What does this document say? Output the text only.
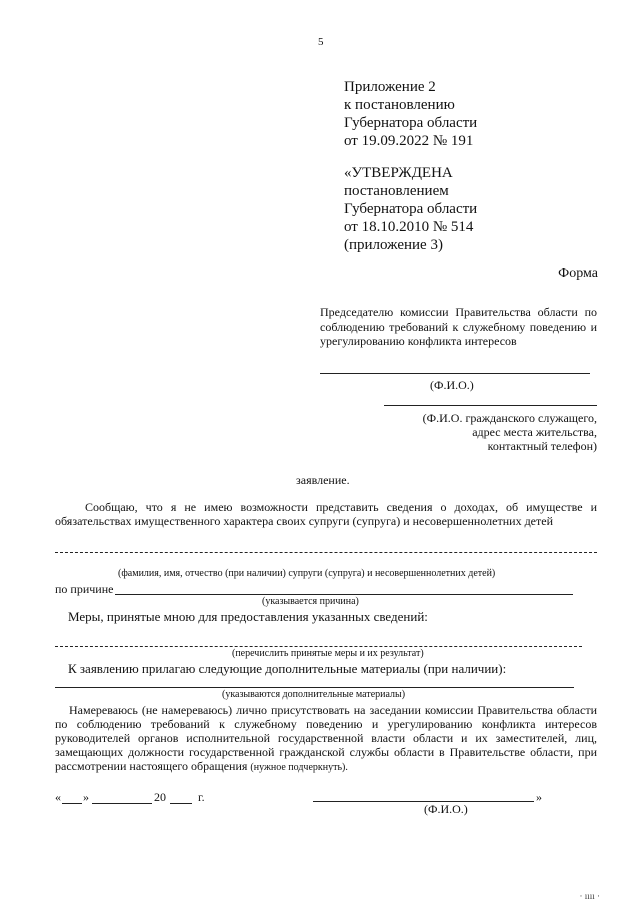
5
Приложение 2
к постановлению
Губернатора области
от 19.09.2022 № 191
«УТВЕРЖДЕНА
постановлением
Губернатора области
от 18.10.2010 № 514
(приложение 3)
Форма
Председателю комиссии Правительства области по соблюдению требований к служебному поведению и урегулированию конфликта интересов
(Ф.И.О.)
(Ф.И.О. гражданского служащего,
адрес места жительства,
контактный телефон)
заявление.
Сообщаю, что я не имею возможности представить сведения о доходах, об имуществе и обязательствах имущественного характера своих супруги (супруга) и несовершеннолетних детей
(фамилия, имя, отчество (при наличии) супруги (супруга) и несовершеннолетних детей)
по причине
(указывается причина)
Меры, принятые мною для предоставления указанных сведений:
(перечислить принятые меры и их результат)
К заявлению прилагаю следующие дополнительные материалы (при наличии):
(указываются дополнительные материалы)
Намереваюсь (не намереваюсь) лично присутствовать на заседании комиссии Правительства области по соблюдению требований к служебному поведению и урегулированию конфликта интересов руководителей органов исполнительной государственной власти области и их заместителей, лиц, замещающих должности государственной гражданской службы области в Правительстве области, при рассмотрении настоящего обращения (нужное подчеркнуть).
« »	20	г.	»
(Ф.И.О.)
· ıııı ·
